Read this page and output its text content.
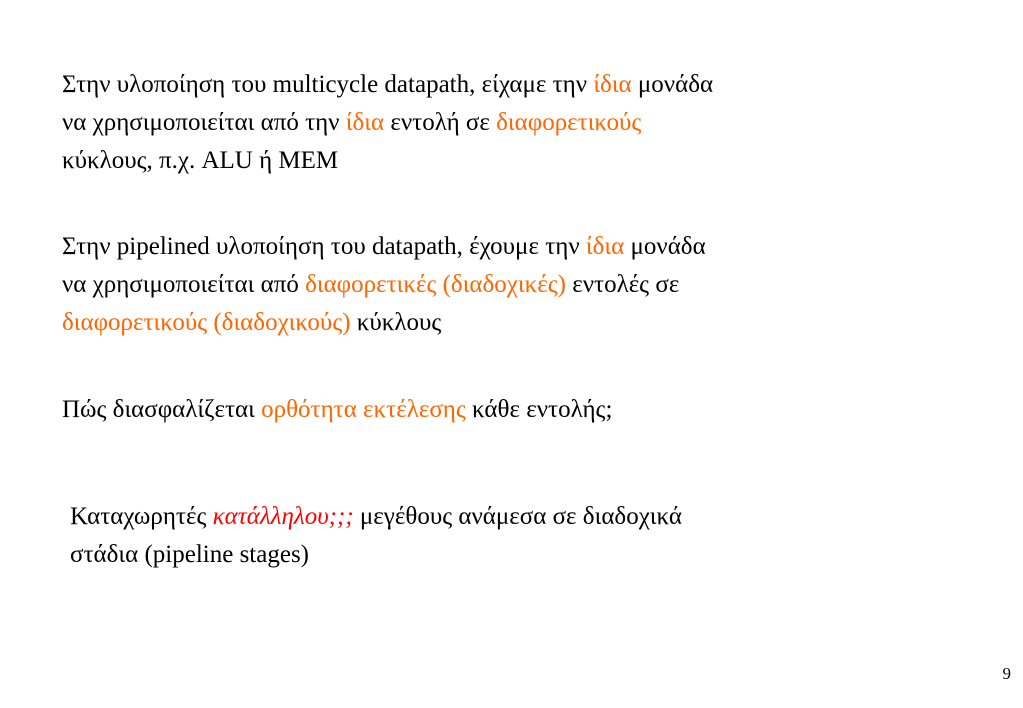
Στην υλοποίηση του multicycle datapath, είχαμε την ίδια μονάδα
να χρησιμοποιείται από την ίδια εντολή σε διαφορετικούς
κύκλους, π.χ. ALU ή MEM
Στην pipelined υλοποίηση του datapath, έχουμε την ίδια μονάδα
να χρησιμοποιείται από διαφορετικές (διαδοχικές) εντολές σε
διαφορετικούς (διαδοχικούς) κύκλους
Πώς διασφαλίζεται ορθότητα εκτέλεσης κάθε εντολής;
Καταχωρητές κατάλληλου;;; μεγέθους ανάμεσα σε διαδοχικά
στάδια (pipeline stages)
9
